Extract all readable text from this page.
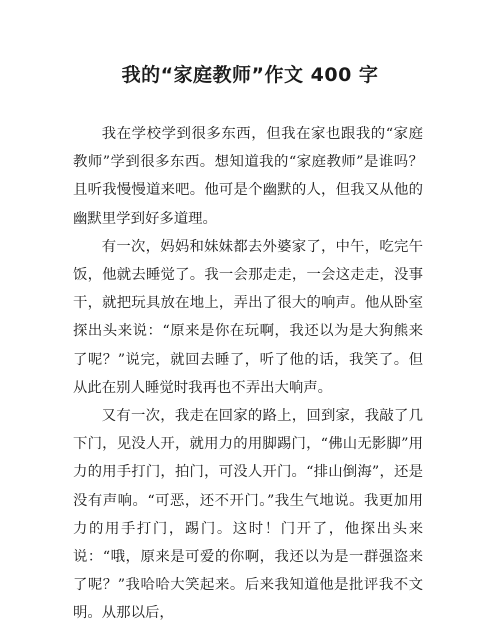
我的“家庭教师”作文 400 字

我在学校学到很多东西，但我在家也跟我的“家庭教师”学到很多东西。想知道我的“家庭教师”是谁吗？且听我慢慢道来吧。他可是个幽默的人，但我又从他的幽默里学到好多道理。

有一次，妈妈和妹妹都去外婆家了，中午，吃完午饭，他就去睡觉了。我一会那走走，一会这走走，没事干，就把玩具放在地上，弄出了很大的响声。他从卧室探出头来说：“原来是你在玩啊，我还以为是大狗熊来了呢？”说完，就回去睡了，听了他的话，我笑了。但从此在别人睡觉时我再也不弄出大响声。

又有一次，我走在回家的路上，回到家，我敲了几下门，见没人开，就用力的用脚踢门，“佛山无影脚”用力的用手打门，拍门，可没人开门。“排山倒海”，还是没有声响。“可恶，还不开门。”我生气地说。我更加用力的用手打门，踢门。这时！门开了，他探出头来说：“哦，原来是可爱的你啊，我还以为是一群强盗来了呢？”我哈哈大笑起来。后来我知道他是批评我不文明。从那以后，
